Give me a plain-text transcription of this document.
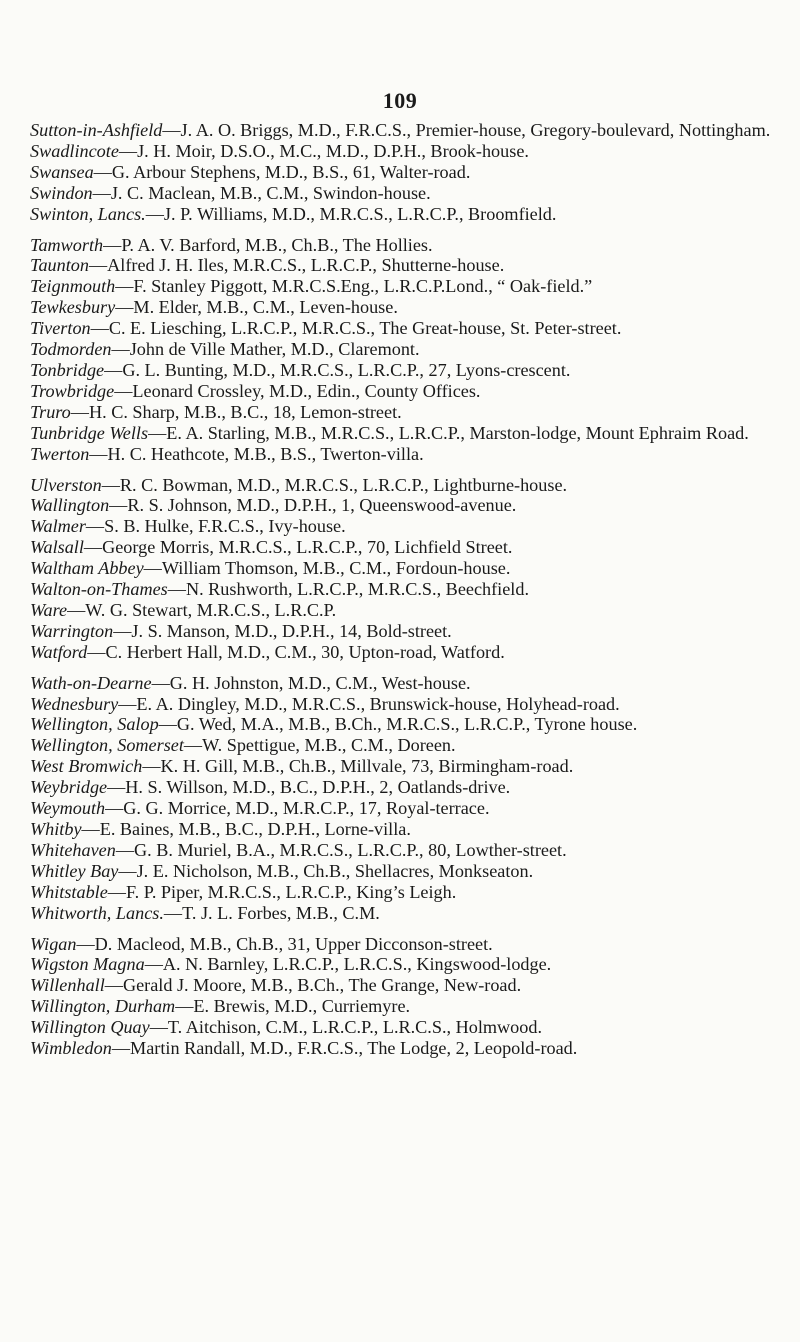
109

Sutton-in-Ashfield—J. A. O. Briggs, M.D., F.R.C.S., Premier-house, Gregory-boulevard, Nottingham.

Swadlincote—J. H. Moir, D.S.O., M.C., M.D., D.P.H., Brook-house.

Swansea—G. Arbour Stephens, M.D., B.S., 61, Walter-road.

Swindon—J. C. Maclean, M.B., C.M., Swindon-house.

Swinton, Lancs.—J. P. Williams, M.D., M.R.C.S., L.R.C.P., Broomfield.

Tamworth—P. A. V. Barford, M.B., Ch.B., The Hollies.

Taunton—Alfred J. H. Iles, M.R.C.S., L.R.C.P., Shutterne-house.

Teignmouth—F. Stanley Piggott, M.R.C.S.Eng., L.R.C.P.Lond., “ Oak-field.”

Tewkesbury—M. Elder, M.B., C.M., Leven-house.

Tiverton—C. E. Liesching, L.R.C.P., M.R.C.S., The Great-house, St. Peter-street.

Todmorden—John de Ville Mather, M.D., Claremont.

Tonbridge—G. L. Bunting, M.D., M.R.C.S., L.R.C.P., 27, Lyons-crescent.

Trowbridge—Leonard Crossley, M.D., Edin., County Offices.

Truro—H. C. Sharp, M.B., B.C., 18, Lemon-street.

Tunbridge Wells—E. A. Starling, M.B., M.R.C.S., L.R.C.P., Marston-lodge, Mount Ephraim Road.

Twerton—H. C. Heathcote, M.B., B.S., Twerton-villa.

Ulverston—R. C. Bowman, M.D., M.R.C.S., L.R.C.P., Lightburne-house.

Wallington—R. S. Johnson, M.D., D.P.H., 1, Queenswood-avenue.

Walmer—S. B. Hulke, F.R.C.S., Ivy-house.

Walsall—George Morris, M.R.C.S., L.R.C.P., 70, Lichfield Street.

Waltham Abbey—William Thomson, M.B., C.M., Fordoun-house.

Walton-on-Thames—N. Rushworth, L.R.C.P., M.R.C.S., Beechfield.

Ware—W. G. Stewart, M.R.C.S., L.R.C.P.

Warrington—J. S. Manson, M.D., D.P.H., 14, Bold-street.

Watford—C. Herbert Hall, M.D., C.M., 30, Upton-road, Watford.

Wath-on-Dearne—G. H. Johnston, M.D., C.M., West-house.

Wednesbury—E. A. Dingley, M.D., M.R.C.S., Brunswick-house, Holyhead-road.

Wellington, Salop—G. Wed, M.A., M.B., B.Ch., M.R.C.S., L.R.C.P., Tyrone house.

Wellington, Somerset—W. Spettigue, M.B., C.M., Doreen.

West Bromwich—K. H. Gill, M.B., Ch.B., Millvale, 73, Birmingham-road.

Weybridge—H. S. Willson, M.D., B.C., D.P.H., 2, Oatlands-drive.

Weymouth—G. G. Morrice, M.D., M.R.C.P., 17, Royal-terrace.

Whitby—E. Baines, M.B., B.C., D.P.H., Lorne-villa.

Whitehaven—G. B. Muriel, B.A., M.R.C.S., L.R.C.P., 80, Lowther-street.

Whitley Bay—J. E. Nicholson, M.B., Ch.B., Shellacres, Monkseaton.

Whitstable—F. P. Piper, M.R.C.S., L.R.C.P., King’s Leigh.

Whitworth, Lancs.—T. J. L. Forbes, M.B., C.M.

Wigan—D. Macleod, M.B., Ch.B., 31, Upper Dicconson-street.

Wigston Magna—A. N. Barnley, L.R.C.P., L.R.C.S., Kingswood-lodge.

Willenhall—Gerald J. Moore, M.B., B.Ch., The Grange, New-road.

Willington, Durham—E. Brewis, M.D., Curriemyre.

Willington Quay—T. Aitchison, C.M., L.R.C.P., L.R.C.S., Holmwood.

Wimbledon—Martin Randall, M.D., F.R.C.S., The Lodge, 2, Leopold-road.
